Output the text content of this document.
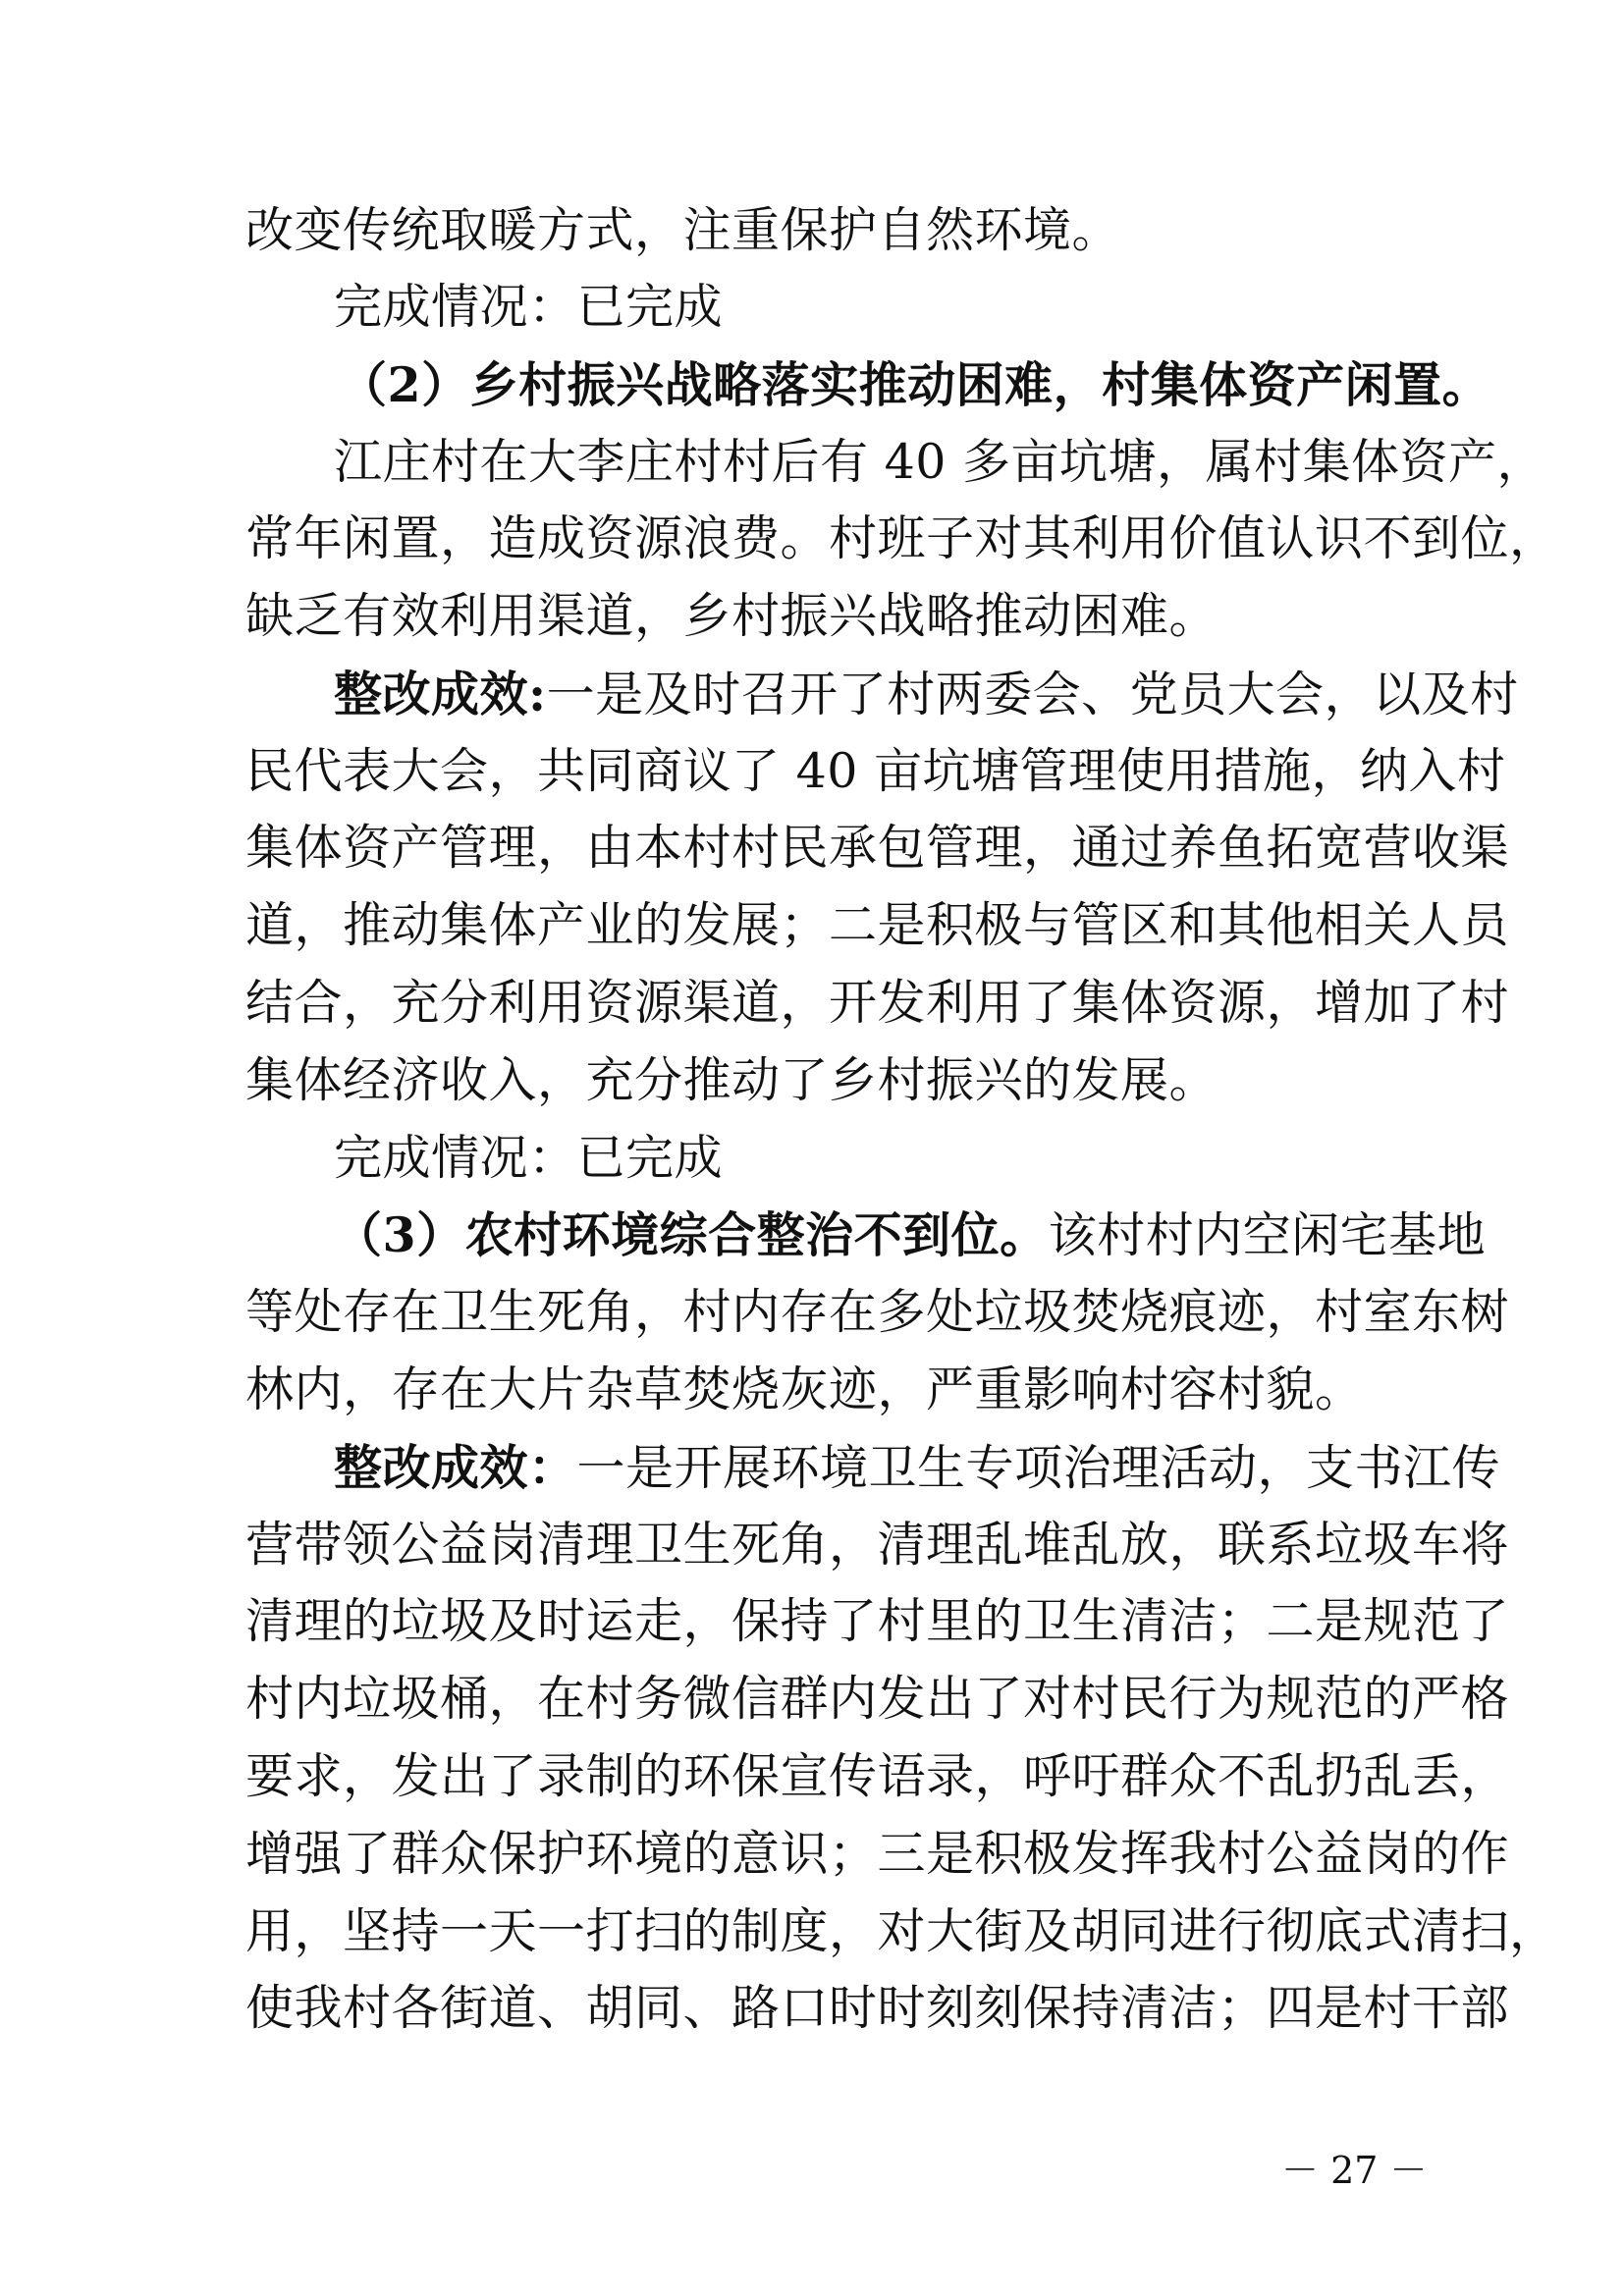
改变传统取暖方式，注重保护自然环境。
完成情况：已完成
（2）乡村振兴战略落实推动困难，村集体资产闲置。
江庄村在大李庄村村后有 40 多亩坑塘，属村集体资产，
常年闲置，造成资源浪费。村班子对其利用价值认识不到位，
缺乏有效利用渠道，乡村振兴战略推动困难。
整改成效:一是及时召开了村两委会、党员大会，以及村
民代表大会，共同商议了 40 亩坑塘管理使用措施，纳入村
集体资产管理，由本村村民承包管理，通过养鱼拓宽营收渠
道，推动集体产业的发展；二是积极与管区和其他相关人员
结合，充分利用资源渠道，开发利用了集体资源，增加了村
集体经济收入，充分推动了乡村振兴的发展。
完成情况：已完成
（3）农村环境综合整治不到位。该村村内空闲宅基地
等处存在卫生死角，村内存在多处垃圾焚烧痕迹，村室东树
林内，存在大片杂草焚烧灰迹，严重影响村容村貌。
整改成效：一是开展环境卫生专项治理活动，支书江传
营带领公益岗清理卫生死角，清理乱堆乱放，联系垃圾车将
清理的垃圾及时运走，保持了村里的卫生清洁；二是规范了
村内垃圾桶，在村务微信群内发出了对村民行为规范的严格
要求，发出了录制的环保宣传语录，呼吁群众不乱扔乱丢，
增强了群众保护环境的意识；三是积极发挥我村公益岗的作
用，坚持一天一打扫的制度，对大街及胡同进行彻底式清扫，
使我村各街道、胡同、路口时时刻刻保持清洁；四是村干部
－ 27 －
